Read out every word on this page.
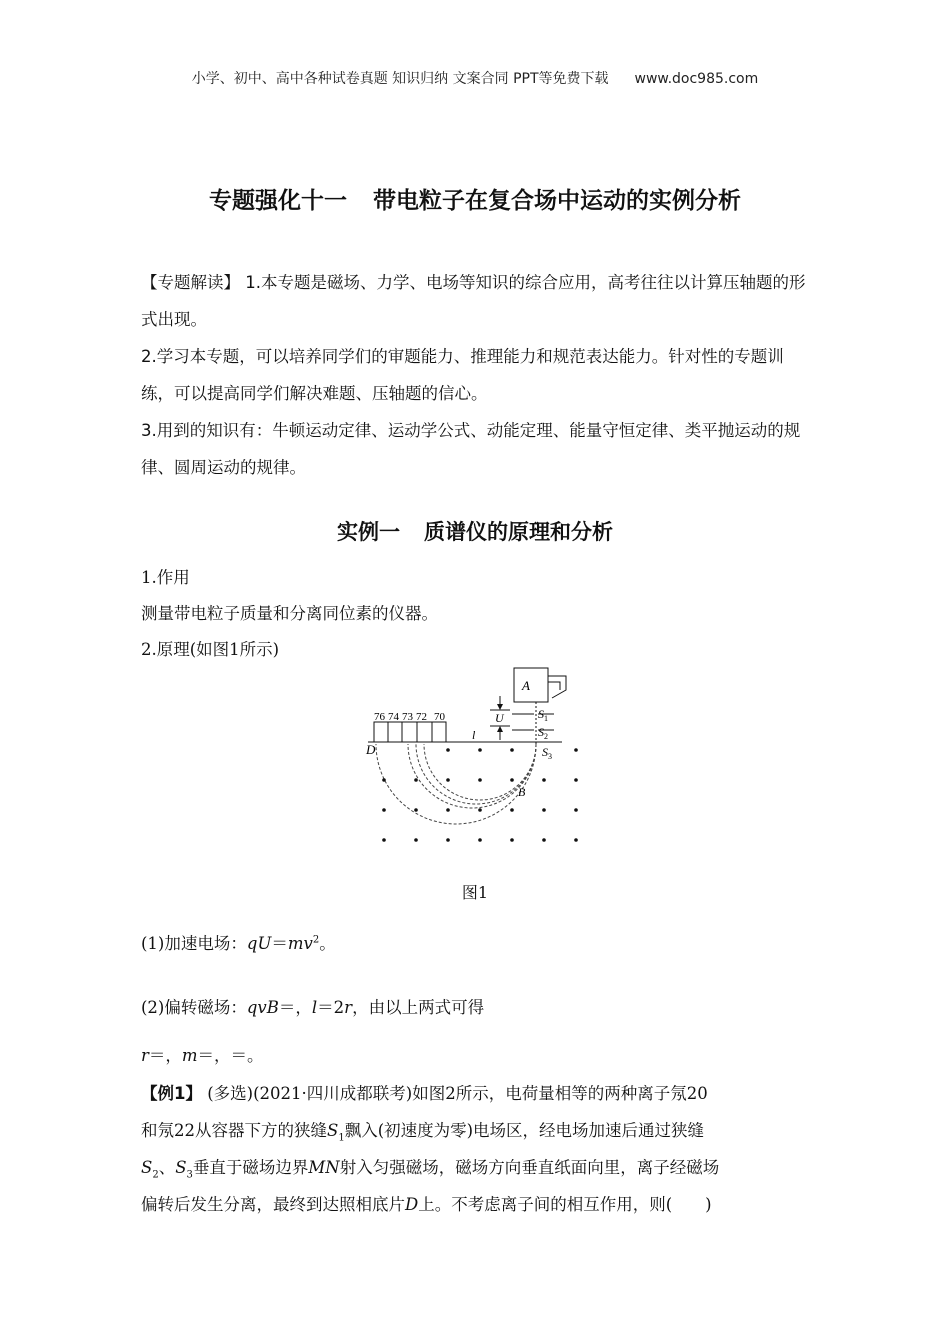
小学、初中、高中各种试卷真题 知识归纳 文案合同 PPT等免费下载 www.doc985.com
专题强化十一 带电粒子在复合场中运动的实例分析
【专题解读】 1.本专题是磁场、力学、电场等知识的综合应用，高考往往以计算压轴题的形式出现。
2.学习本专题，可以培养同学们的审题能力、推理能力和规范表达能力。针对性的专题训练，可以提高同学们解决难题、压轴题的信心。
3.用到的知识有：牛顿运动定律、运动学公式、动能定理、能量守恒定律、类平抛运动的规律、圆周运动的规律。
实例一 质谱仪的原理和分析
1.作用
测量带电粒子质量和分离同位素的仪器。
2.原理(如图1所示)
A
U	$S_1$
$S_2$
$S_3$
76 74 73 72 70
D
l
B
图1
(1)加速电场：$qU=mv^2$。
(2)偏转磁场：qvB＝，l＝2r，由以上两式可得
r＝，m＝，＝。
【例1】 (多选)(2021·四川成都联考)如图2所示，电荷量相等的两种离子氖20
和氖22从容器下方的狭缝$S_1$飘入(初速度为零)电场区，经电场加速后通过狭缝
$S_2$、$S_3$垂直于磁场边界MN射入匀强磁场，磁场方向垂直纸面向里，离子经磁场
偏转后发生分离，最终到达照相底片D上。不考虑离子间的相互作用，则(　　)
